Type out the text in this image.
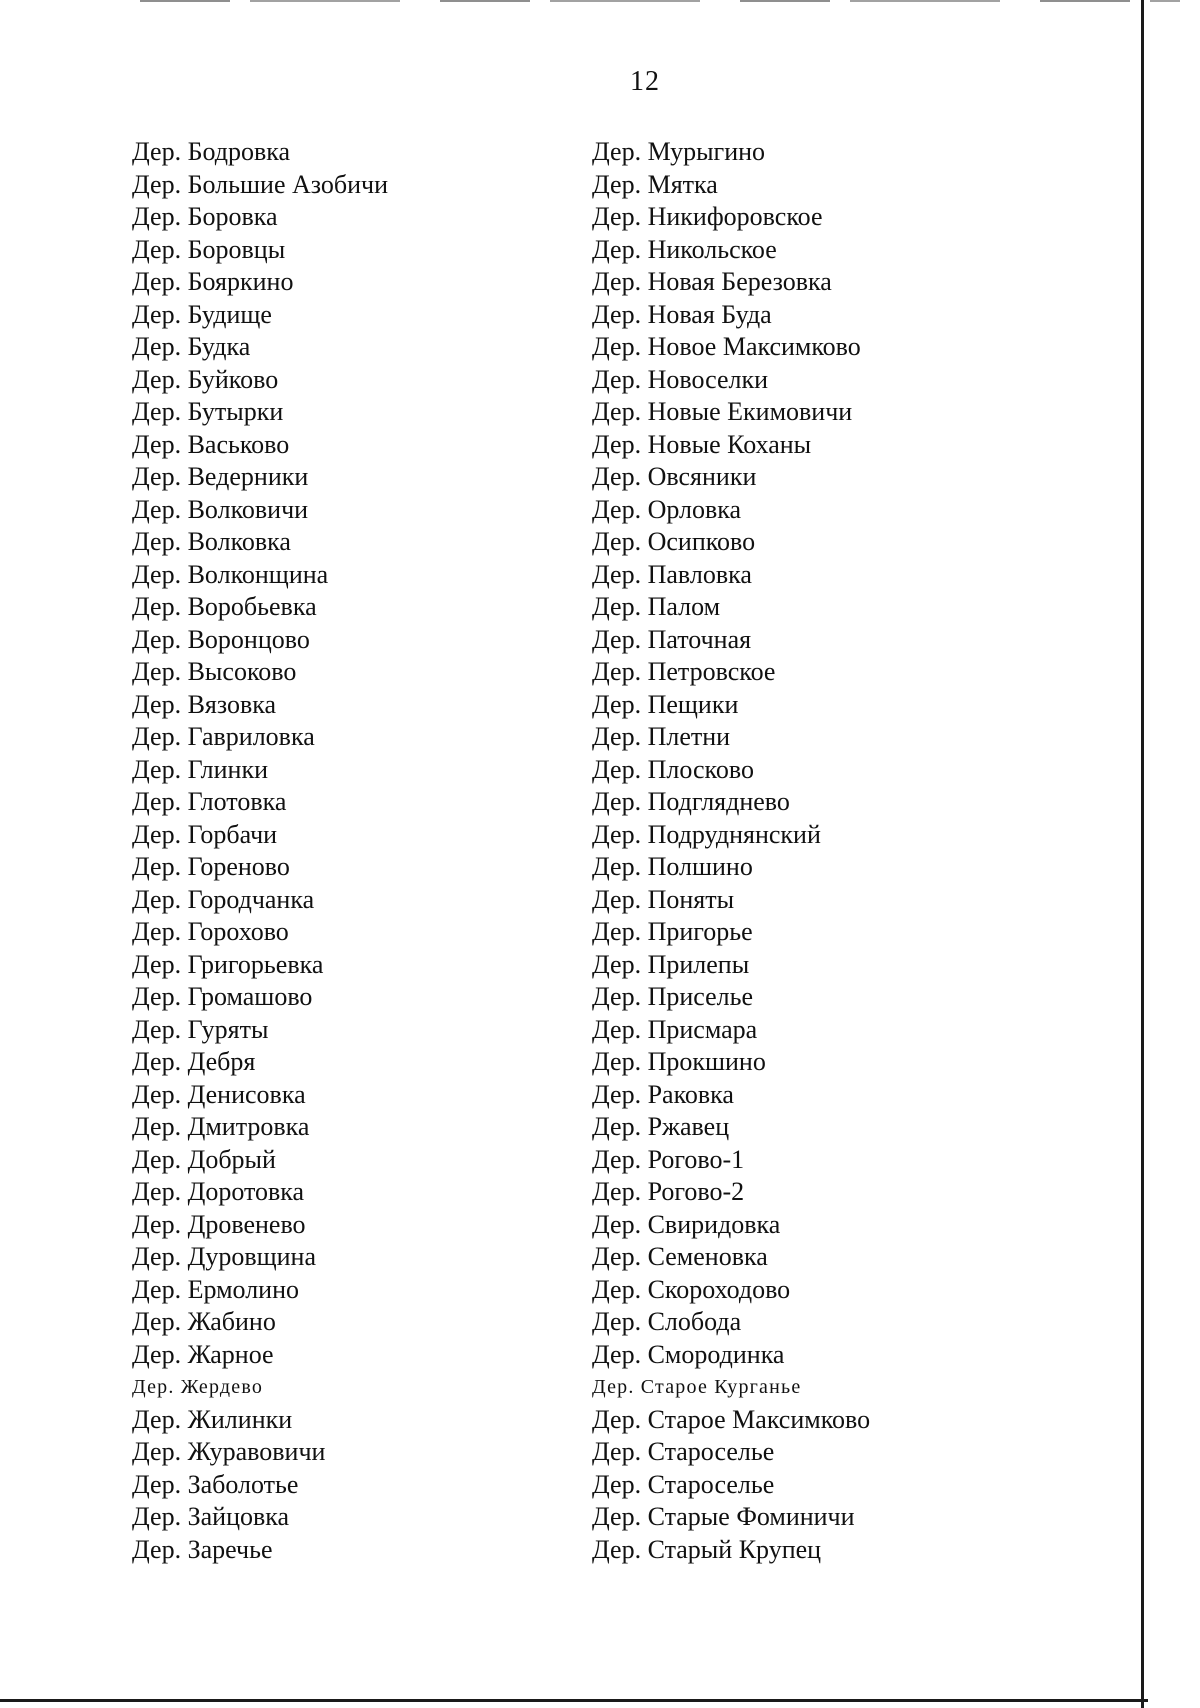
12
Дер. Бодровка
Дер. Большие Азобичи
Дер. Боровка
Дер. Боровцы
Дер. Бояркино
Дер. Будище
Дер. Будка
Дер. Буйково
Дер. Бутырки
Дер. Васьково
Дер. Ведерники
Дер. Волковичи
Дер. Волковка
Дер. Волконщина
Дер. Воробьевка
Дер. Воронцово
Дер. Высоково
Дер. Вязовка
Дер. Гавриловка
Дер. Глинки
Дер. Глотовка
Дер. Горбачи
Дер. Гореново
Дер. Городчанка
Дер. Горохово
Дер. Григорьевка
Дер. Громашово
Дер. Гуряты
Дер. Дебря
Дер. Денисовка
Дер. Дмитровка
Дер. Добрый
Дер. Доротовка
Дер. Дровенево
Дер. Дуровщина
Дер. Ермолино
Дер. Жабино
Дер. Жарное
Дер. Жердево
Дер. Жилинки
Дер. Журавовичи
Дер. Заболотье
Дер. Зайцовка
Дер. Заречье
Дер. Мурыгино
Дер. Мятка
Дер. Никифоровское
Дер. Никольское
Дер. Новая Березовка
Дер. Новая Буда
Дер. Новое Максимково
Дер. Новоселки
Дер. Новые Екимовичи
Дер. Новые Коханы
Дер. Овсяники
Дер. Орловка
Дер. Осипково
Дер. Павловка
Дер. Палом
Дер. Паточная
Дер. Петровское
Дер. Пещики
Дер. Плетни
Дер. Плосково
Дер. Подгляднево
Дер. Подруднянский
Дер. Полшино
Дер. Поняты
Дер. Пригорье
Дер. Прилепы
Дер. Приселье
Дер. Присмара
Дер. Прокшино
Дер. Раковка
Дер. Ржавец
Дер. Рогово-1
Дер. Рогово-2
Дер. Свиридовка
Дер. Семеновка
Дер. Скороходово
Дер. Слобода
Дер. Смородинка
Дер. Старое Курганье
Дер. Старое Максимково
Дер. Староселье
Дер. Староселье
Дер. Старые Фоминичи
Дер. Старый Крупец
